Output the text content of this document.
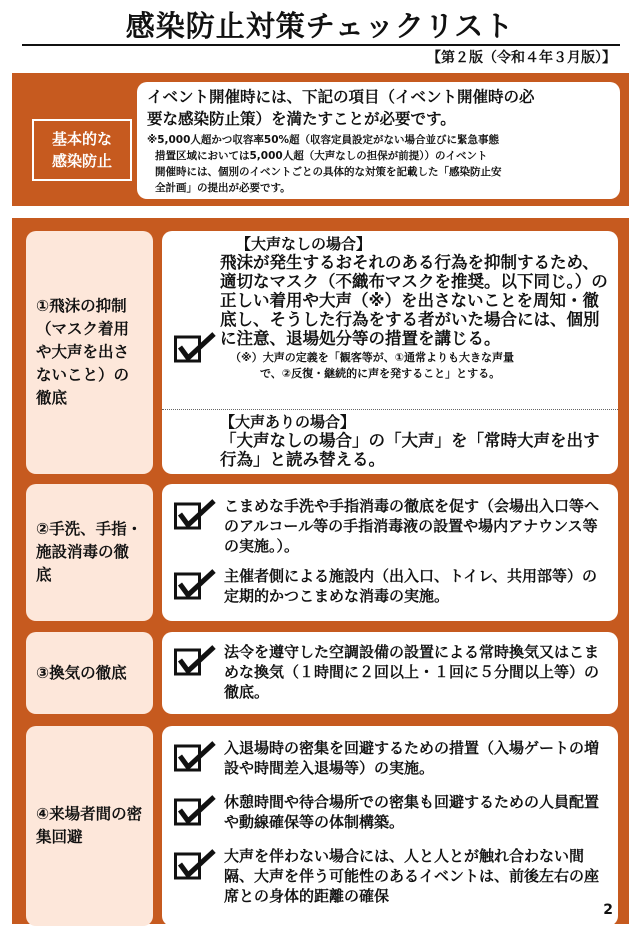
感染防止対策チェックリスト
【第２版（令和４年３月版）】
基本的な
感染防止
イベント開催時には、下記の項目（イベント開催時の必
要な感染防止策）を満たすことが必要です。
※5,000人超かつ収容率50%超（収容定員設定がない場合並びに緊急事態
措置区域においては5,000人超（大声なしの担保が前提））のイベント
開催時には、個別のイベントごとの具体的な対策を記載した「感染防止安
全計画」の提出が必要です。
①飛沫の抑制（マスク着用や大声を出さないこと）の徹底
【大声なしの場合】
飛沫が発生するおそれのある行為を抑制するため、適切なマスク（不織布マスクを推奨。以下同じ。）の正しい着用や大声（※）を出さないことを周知・徹底し、そうした行為をする者がいた場合には、個別に注意、退場処分等の措置を講じる。
（※）大声の定義を「観客等が、①通常よりも大きな声量
で、②反復・継続的に声を発すること」とする。
【大声ありの場合】
「大声なしの場合」の「大声」を「常時大声を出す行為」と読み替える。
②手洗、手指・施設消毒の徹底
こまめな手洗や手指消毒の徹底を促す（会場出入口等へのアルコール等の手指消毒液の設置や場内アナウンス等の実施。）。
主催者側による施設内（出入口、トイレ、共用部等）の定期的かつこまめな消毒の実施。
③換気の徹底
法令を遵守した空調設備の設置による常時換気又はこまめな換気（１時間に２回以上・１回に５分間以上等）の徹底。
④来場者間の密集回避
入退場時の密集を回避するための措置（入場ゲートの増設や時間差入退場等）の実施。
休憩時間や待合場所での密集も回避するための人員配置や動線確保等の体制構築。
大声を伴わない場合には、人と人とが触れ合わない間隔、大声を伴う可能性のあるイベントは、前後左右の座席との身体的距離の確保
2
